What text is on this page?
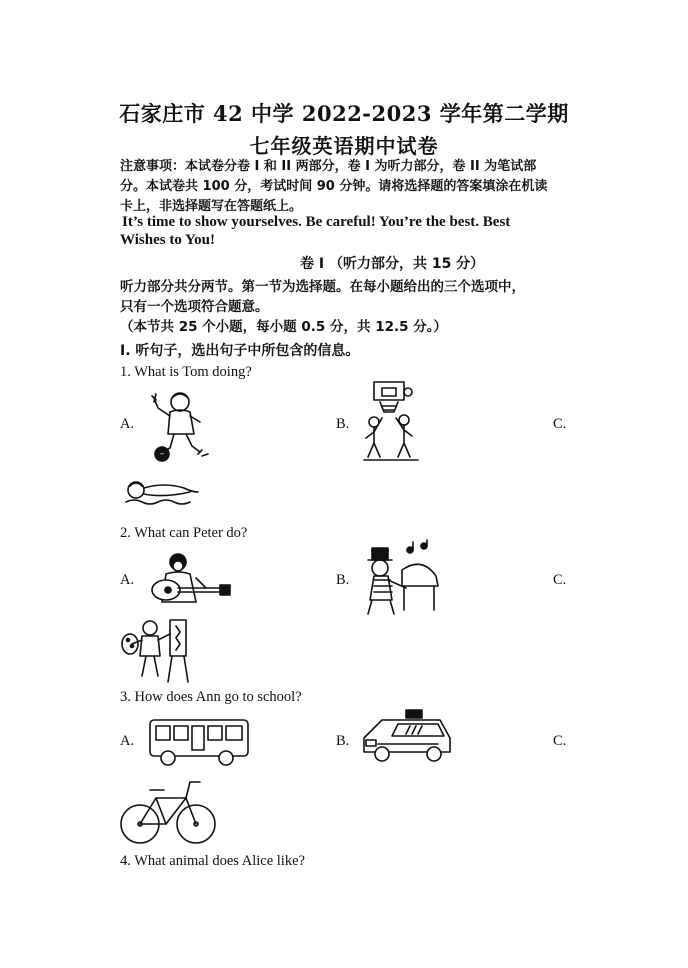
石家庄市 42 中学 2022-2023 学年第二学期
七年级英语期中试卷
注意事项：本试卷分卷 I 和 II 两部分，卷 I 为听力部分，卷 II 为笔试部
分。本试卷共 100 分，考试时间 90 分钟。请将选择题的答案填涂在机读
卡上，非选择题写在答题纸上。
It’s time to show yourselves. Be careful! You’re the best. Best
Wishes to You!
卷 I （听力部分，共 15 分）
听力部分共分两节。第一节为选择题。在每小题给出的三个选项中，
只有一个选项符合题意。
（本节共 25 个小题，每小题 0.5 分，共 12.5 分。）
I. 听句子，选出句子中所包含的信息。
1. What is Tom doing?
A.	B.	C.
2. What can Peter do?
A.	B.	C.
3. How does Ann go to school?
A.	B.	C.
4. What animal does Alice like?
